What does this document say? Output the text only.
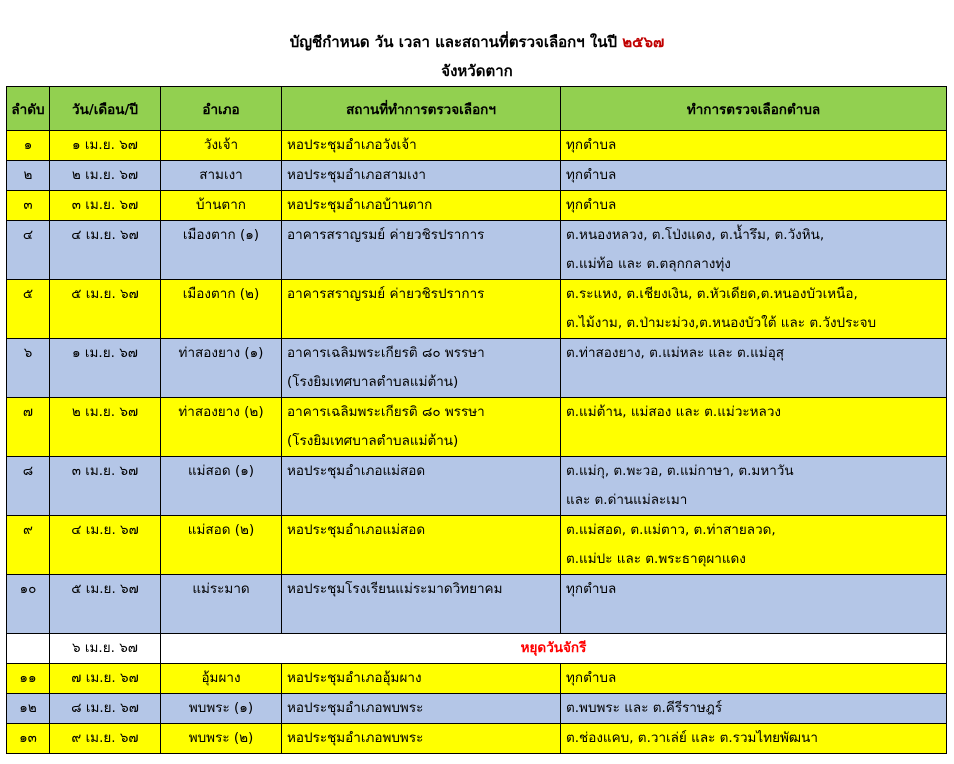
บัญชีกำหนด วัน เวลา และสถานที่ตรวจเลือกฯ ในปี ๒๕๖๗
จังหวัดตาก
ลำดับ	วัน/เดือน/ปี	อำเภอ	สถานที่ทำการตรวจเลือกฯ	ทำการตรวจเลือกตำบล
๑	๑ เม.ย. ๖๗	วังเจ้า	หอประชุมอำเภอวังเจ้า	ทุกตำบล

๒	๒ เม.ย. ๖๗	สามเงา	หอประชุมอำเภอสามเงา	ทุกตำบล

๓	๓ เม.ย. ๖๗	บ้านตาก	หอประชุมอำเภอบ้านตาก	ทุกตำบล

๔	๔ เม.ย. ๖๗	เมืองตาก (๑)	อาคารสราญรมย์ ค่ายวชิรปราการ	ต.หนองหลวง, ต.โป่งแดง, ต.น้ำรึม, ต.วังหิน,
ต.แม่ท้อ และ ต.ตลุกกลางทุ่ง

๕	๕ เม.ย. ๖๗	เมืองตาก (๒)	อาคารสราญรมย์ ค่ายวชิรปราการ	ต.ระแหง, ต.เชียงเงิน, ต.หัวเดียด,ต.หนองบัวเหนือ,
ต.ไม้งาม, ต.ป่ามะม่วง,ต.หนองบัวใต้ และ ต.วังประจบ

๖	๑ เม.ย. ๖๗	ท่าสองยาง (๑)	อาคารเฉลิมพระเกียรติ ๘๐ พรรษา
(โรงยิมเทศบาลตำบลแม่ต้าน)	ต.ท่าสองยาง, ต.แม่หละ และ ต.แม่อุสุ

๗	๒ เม.ย. ๖๗	ท่าสองยาง (๒)	อาคารเฉลิมพระเกียรติ ๘๐ พรรษา
(โรงยิมเทศบาลตำบลแม่ต้าน)	ต.แม่ต้าน, แม่สอง และ ต.แม่วะหลวง

๘	๓ เม.ย. ๖๗	แม่สอด (๑)	หอประชุมอำเภอแม่สอด	ต.แม่กุ, ต.พะวอ, ต.แม่กาษา, ต.มหาวัน
และ ต.ด่านแม่ละเมา

๙	๔ เม.ย. ๖๗	แม่สอด (๒)	หอประชุมอำเภอแม่สอด	ต.แม่สอด, ต.แม่ตาว, ต.ท่าสายลวด,
ต.แม่ปะ และ ต.พระธาตุผาแดง

๑๐	๕ เม.ย. ๖๗	แม่ระมาด	หอประชุมโรงเรียนแม่ระมาดวิทยาคม	ทุกตำบล

	๖ เม.ย. ๖๗	หยุดวันจักรี		
๑๑	๗ เม.ย. ๖๗	อุ้มผาง	หอประชุมอำเภออุ้มผาง	ทุกตำบล

๑๒	๘ เม.ย. ๖๗	พบพระ (๑)	หอประชุมอำเภอพบพระ	ต.พบพระ และ ต.คีรีราษฎร์

๑๓	๙ เม.ย. ๖๗	พบพระ (๒)	หอประชุมอำเภอพบพระ	ต.ช่องแคบ, ต.วาเล่ย์ และ ต.รวมไทยพัฒนา
